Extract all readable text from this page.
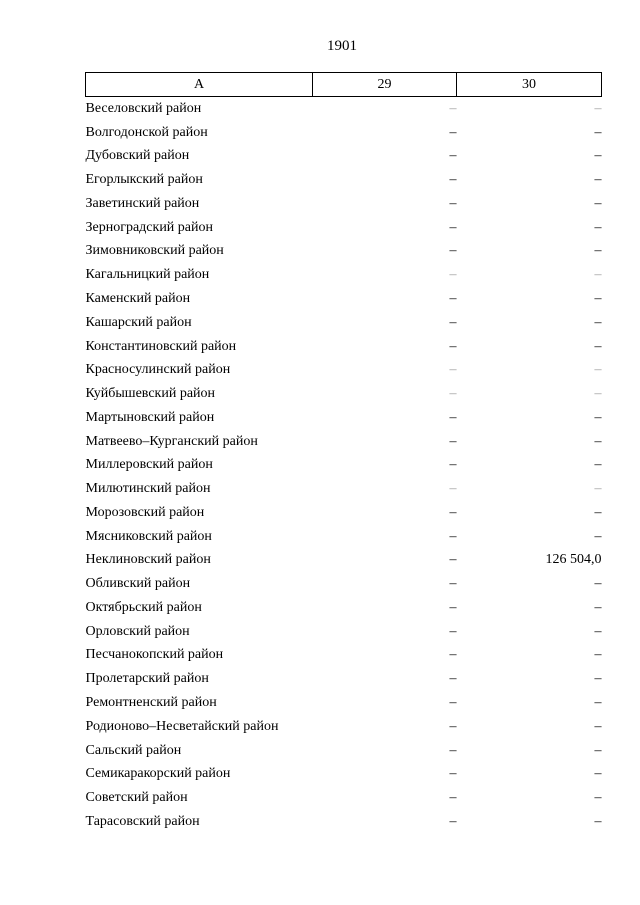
1901
А	29	30
Веселовский район	–	–
Волгодонской район	–	–
Дубовский район	–	–
Егорлыкский район	–	–
Заветинский район	–	–
Зерноградский район	–	–
Зимовниковский район	–	–
Кагальницкий район	–	–
Каменский район	–	–
Кашарский район	–	–
Константиновский район	–	–
Красносулинский район	–	–
Куйбышевский район	–	–
Мартыновский район	–	–
Матвеево–Курганский район	–	–
Миллеровский район	–	–
Милютинский район	–	–
Морозовский район	–	–
Мясниковский район	–	–
Неклиновский район	–	126 504,0
Обливский район	–	–
Октябрьский район	–	–
Орловский район	–	–
Песчанокопский район	–	–
Пролетарский район	–	–
Ремонтненский район	–	–
Родионово–Несветайский район	–	–
Сальский район	–	–
Семикаракорский район	–	–
Советский район	–	–
Тарасовский район	–	–
